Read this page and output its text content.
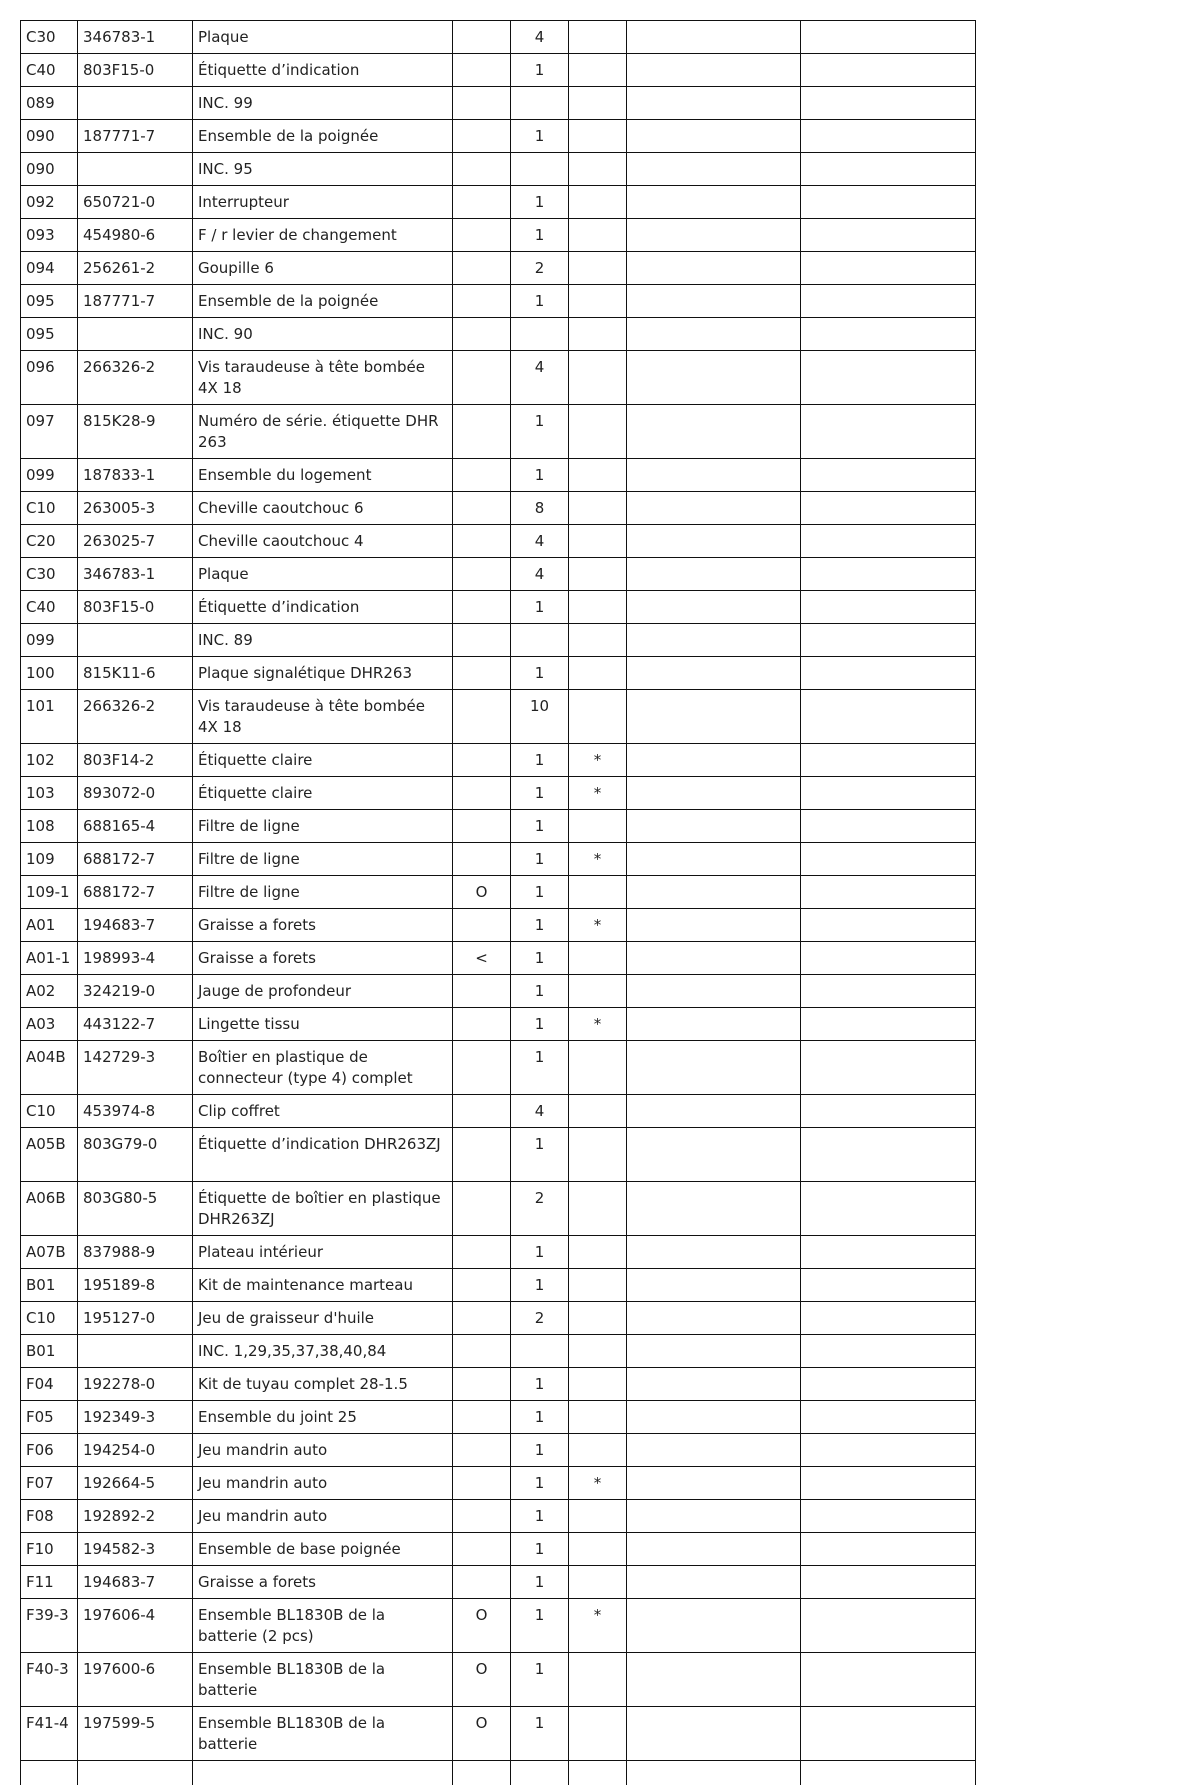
C30	346783-1	Plaque		4			
C40	803F15-0	Étiquette d’indication		1			
089		INC. 99					
090	187771-7	Ensemble de la poignée		1			
090		INC. 95					
092	650721-0	Interrupteur		1			
093	454980-6	F / r levier de changement		1			
094	256261-2	Goupille 6		2			
095	187771-7	Ensemble de la poignée		1			
095		INC. 90					
096	266326-2	Vis taraudeuse à tête bombée 4X 18		4			
097	815K28-9	Numéro de série. étiquette DHR 263		1			
099	187833-1	Ensemble du logement		1			
C10	263005-3	Cheville caoutchouc 6		8			
C20	263025-7	Cheville caoutchouc 4		4			
C30	346783-1	Plaque		4			
C40	803F15-0	Étiquette d’indication		1			
099		INC. 89					
100	815K11-6	Plaque signalétique DHR263		1			
101	266326-2	Vis taraudeuse à tête bombée 4X 18		10			
102	803F14-2	Étiquette claire		1	*		
103	893072-0	Étiquette claire		1	*		
108	688165-4	Filtre de ligne		1			
109	688172-7	Filtre de ligne		1	*		
109-1	688172-7	Filtre de ligne	O	1			
A01	194683-7	Graisse a forets		1	*		
A01-1	198993-4	Graisse a forets	<	1			
A02	324219-0	Jauge de profondeur		1			
A03	443122-7	Lingette tissu		1	*		
A04B	142729-3	Boîtier en plastique de connecteur (type 4) complet		1			
C10	453974-8	Clip coffret		4			
A05B	803G79-0	Étiquette d’indication DHR263ZJ		1			
A06B	803G80-5	Étiquette de boîtier en plastique DHR263ZJ		2			
A07B	837988-9	Plateau intérieur		1			
B01	195189-8	Kit de maintenance marteau		1			
C10	195127-0	Jeu de graisseur d'huile		2			
B01		INC. 1,29,35,37,38,40,84					
F04	192278-0	Kit de tuyau complet 28-1.5		1			
F05	192349-3	Ensemble du joint 25		1			
F06	194254-0	Jeu mandrin auto		1			
F07	192664-5	Jeu mandrin auto		1	*		
F08	192892-2	Jeu mandrin auto		1			
F10	194582-3	Ensemble de base poignée		1			
F11	194683-7	Graisse a forets		1			
F39-3	197606-4	Ensemble BL1830B de la batterie (2 pcs)	O	1	*		
F40-3	197600-6	Ensemble BL1830B de la batterie	O	1			
F41-4	197599-5	Ensemble BL1830B de la batterie	O	1			
